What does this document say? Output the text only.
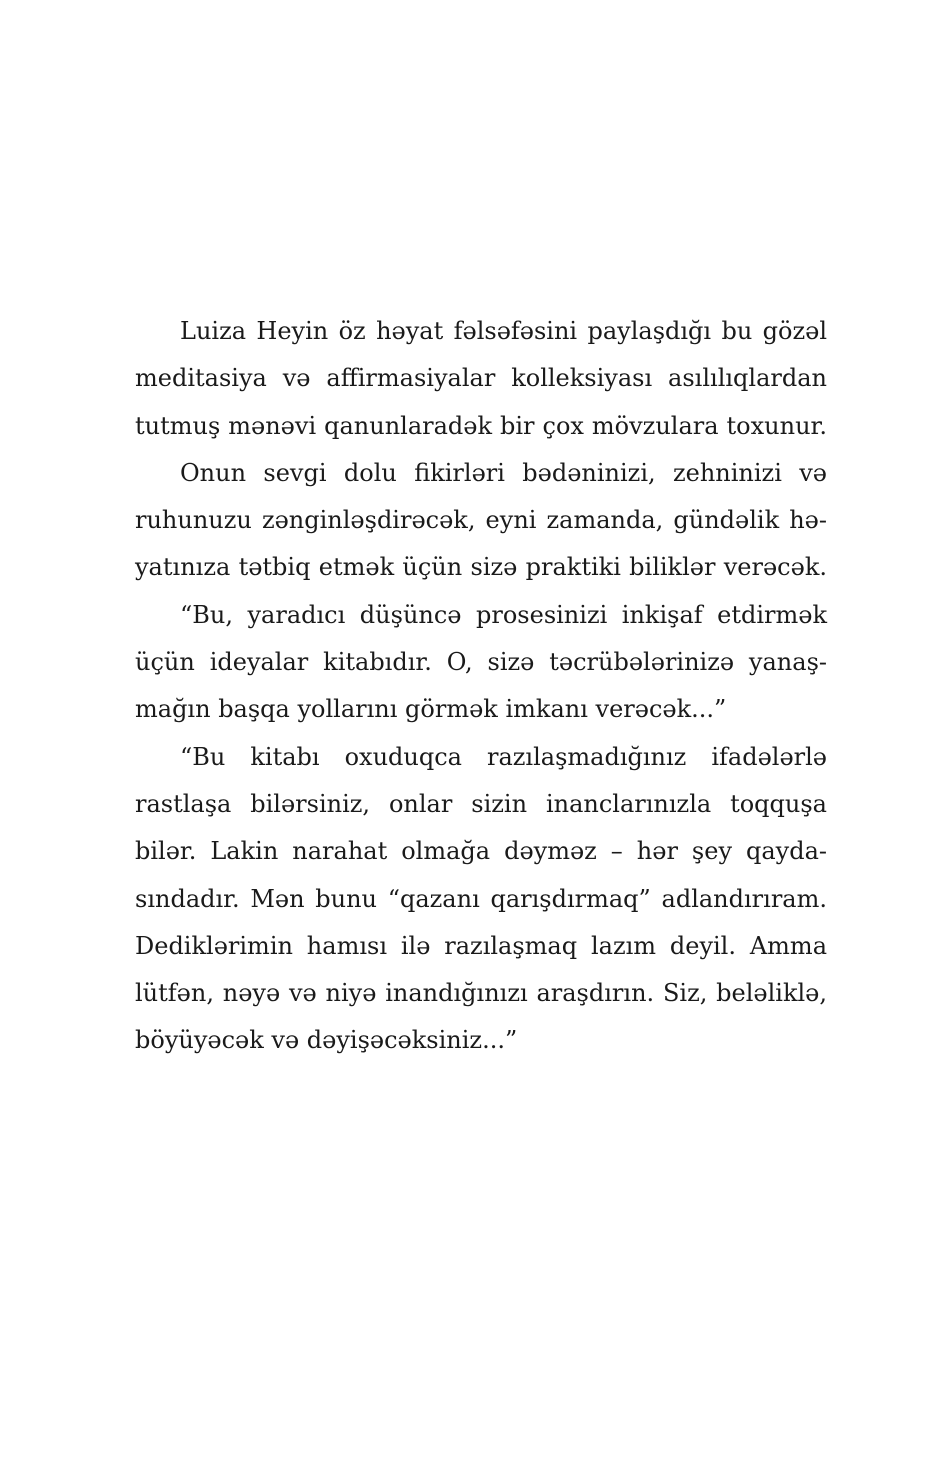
Luiza Heyin öz həyat fəlsəfəsini paylaşdığı bu gözəl
meditasiya və affirmasiyalar kolleksiyası asılılıqlardan
tutmuş mənəvi qanunlaradək bir çox mövzulara toxunur.
Onun sevgi dolu fikirləri bədəninizi, zehninizi və
ruhunuzu zənginləşdirəcək, eyni zamanda, gündəlik hə-
yatınıza tətbiq etmək üçün sizə praktiki biliklər verəcək.
“Bu, yaradıcı düşüncə prosesinizi inkişaf etdirmək
üçün ideyalar kitabıdır. O, sizə təcrübələrinizə yanaş-
mağın başqa yollarını görmək imkanı verəcək...”
“Bu kitabı oxuduqca razılaşmadığınız ifadələrlə
rastlaşa bilərsiniz, onlar sizin inanclarınızla toqquşa
bilər. Lakin narahat olmağa dəyməz – hər şey qayda-
sındadır. Mən bunu “qazanı qarışdırmaq” adlandırıram.
Dediklərimin hamısı ilə razılaşmaq lazım deyil. Amma
lütfən, nəyə və niyə inandığınızı araşdırın. Siz, beləliklə,
böyüyəcək və dəyişəcəksiniz...”
